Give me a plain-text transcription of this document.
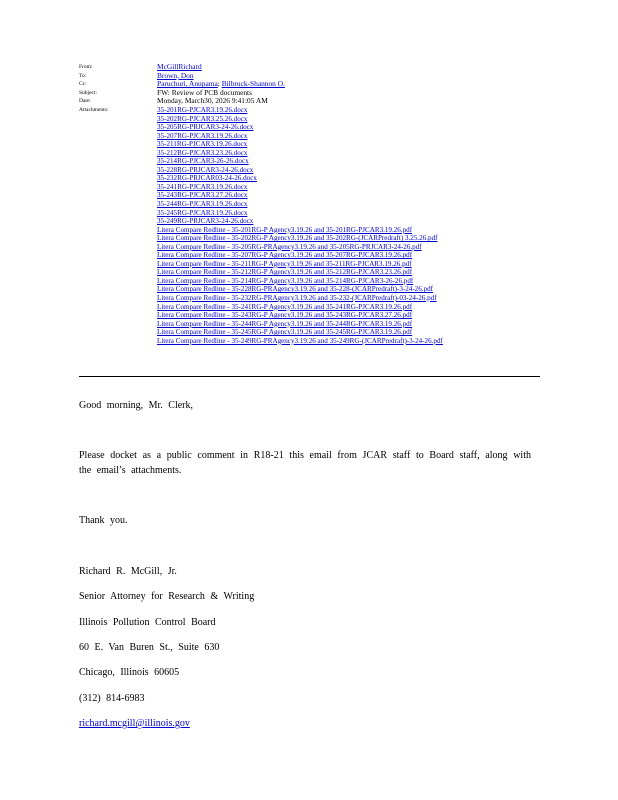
From:	McGillRichard
To:	Brown, Don
Cc:	Paruchuri, Anupama; Bilbruck-Shannon O.
Subject:	FW: Review of PCB documents
Date:	Monday, March30, 2026 9:41:05 AM
Attachments:	35-201RG-PJCAR3.19.26.docx
35-202RG-PJCAR3.25.26.docx
35-205RG-PRJCAR3-24-26.docx
35-207RG-PJCAR3.19.26.docx
35-211RG-PJCAR3.19.26.docx
35-212RG-PJCAR3.23.26.docx
35-214RG-PJCAR3-26-26.docx
35-228RG-PRJCAR3-24-26.docx
35-232RG-PRJCAR03-24-26.docx
35-241RG-PJCAR3.19.26.docx
35-243RG-PJCAR3.27.26.docx
35-244RG-PJCAR3.19.26.docx
35-245RG-PJCAR3.19.26.docx
35-249RG-PRJCAR3-24-26.docx
Litera Compare Redline - 35-201RG-P Agency3.19.26 and 35-201RG-PJCAR3.19.26.pdf
Litera Compare Redline - 35-202RG-P Agency3.19.26 and 35-202RG-(JCARPredraft) 3.25.26.pdf
Litera Compare Redline - 35-205RG-PRAgency3.19.26 and 35-205RG-PRJCAR3-24-26.pdf
Litera Compare Redline - 35-207RG-P Agency3.19.26 and 35-207RG-PJCAR3.19.26.pdf
Litera Compare Redline - 35-211RG-P Agency3.19.26 and 35-211RG-PJCAR3.19.26.pdf
Litera Compare Redline - 35-212RG-P Agency3.19.26 and 35-212RG-PJCAR3.23.26.pdf
Litera Compare Redline - 35-214RG-P Agency3.19.26 and 35-214RG-PJCAR3-26-26.pdf
Litera Compare Redline - 35-228RG-PRAgency3.19.26 and 35-228-(JCARPredraft)-3-24-26.pdf
Litera Compare Redline - 35-232RG-PRAgency3.19.26 and 35-232-(JCARPredraft)-03-24-26.pdf
Litera Compare Redline - 35-241RG-P Agency3.19.26 and 35-241RG-PJCAR3.19.26.pdf
Litera Compare Redline - 35-243RG-P Agency3.19.26 and 35-243RG-PJCAR3.27.26.pdf
Litera Compare Redline - 35-244RG-P Agency3.19.26 and 35-244RG-PJCAR3.19.26.pdf
Litera Compare Redline - 35-245RG-P Agency3.19.26 and 35-245RG-PJCAR3.19.26.pdf
Litera Compare Redline - 35-249RG-PRAgency3.19.26 and 35-249RG-(JCARPredraft)-3-24-26.pdf
Good morning, Mr. Clerk,
Please docket as a public comment in R18-21 this email from JCAR staff to Board staff, along with the email’s attachments.
Thank you.
Richard R. McGill, Jr.
Senior Attorney for Research & Writing
Illinois Pollution Control Board
60 E. Van Buren St., Suite 630
Chicago, Illinois 60605
(312) 814-6983
richard.mcgill@illinois.gov
